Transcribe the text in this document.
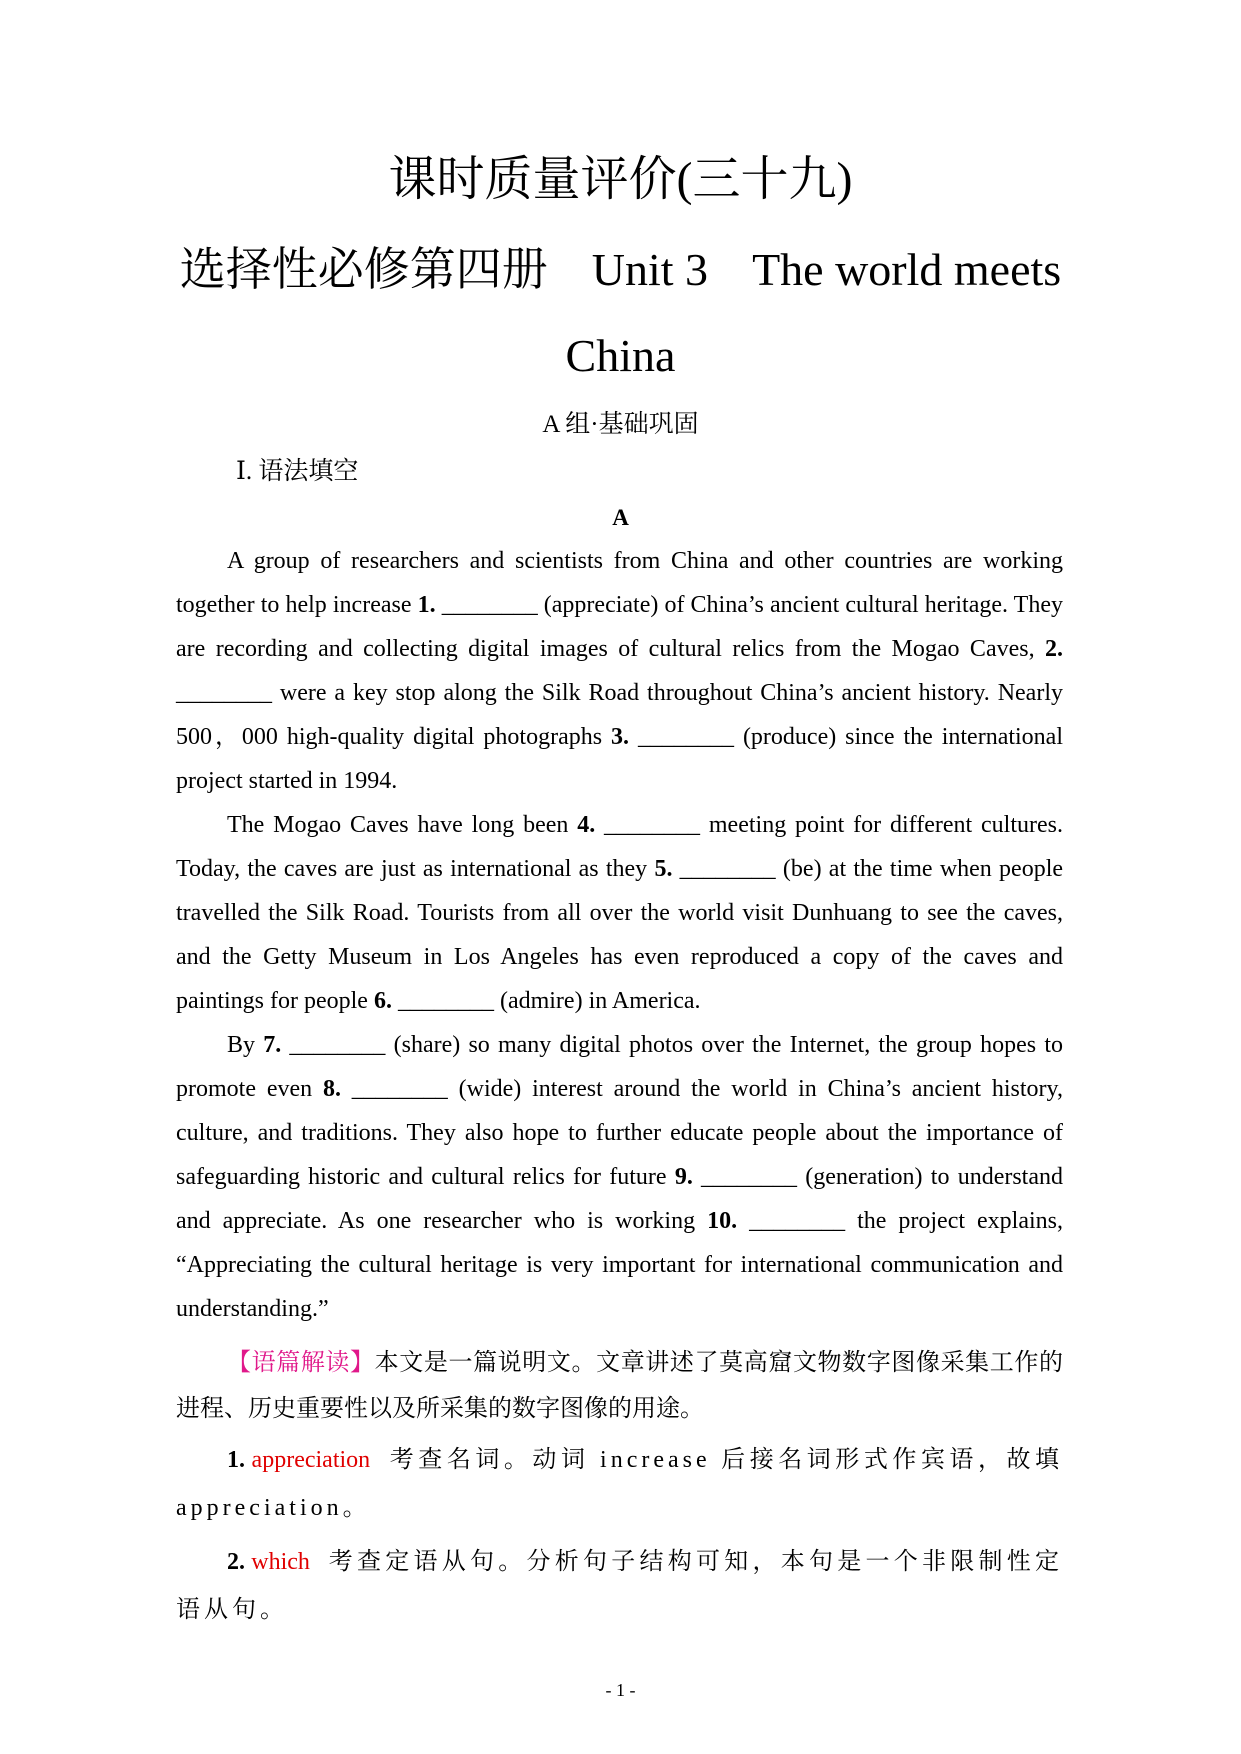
课时质量评价(三十九)
选择性必修第四册 Unit 3 The world meets
China
A 组·基础巩固
Ⅰ. 语法填空
A

A group of researchers and scientists from China and other countries are working together to help increase 1. ________ (appreciate) of China’s ancient cultural heritage. They are recording and collecting digital images of cultural relics from the Mogao Caves, 2. ________ were a key stop along the Silk Road throughout China’s ancient history. Nearly 500，000 high-quality digital photographs 3. ________ (produce) since the international project started in 1994.

The Mogao Caves have long been 4. ________ meeting point for different cultures. Today, the caves are just as international as they 5. ________ (be) at the time when people travelled the Silk Road. Tourists from all over the world visit Dunhuang to see the caves, and the Getty Museum in Los Angeles has even reproduced a copy of the caves and paintings for people 6. ________ (admire) in America.

By 7. ________ (share) so many digital photos over the Internet, the group hopes to promote even 8. ________ (wide) interest around the world in China’s ancient history, culture, and traditions. They also hope to further educate people about the importance of safeguarding historic and cultural relics for future 9. ________ (generation) to understand and appreciate. As one researcher who is working 10. ________ the project explains, “Appreciating the cultural heritage is very important for international communication and understanding.”

【语篇解读】本文是一篇说明文。文章讲述了莫高窟文物数字图像采集工作的进程、历史重要性以及所采集的数字图像的用途。
1. appreciation 考查名词。动词 increase 后接名词形式作宾语，故填 appreciation。
2. which 考查定语从句。分析句子结构可知，本句是一个非限制性定语从句。
- 1 -
